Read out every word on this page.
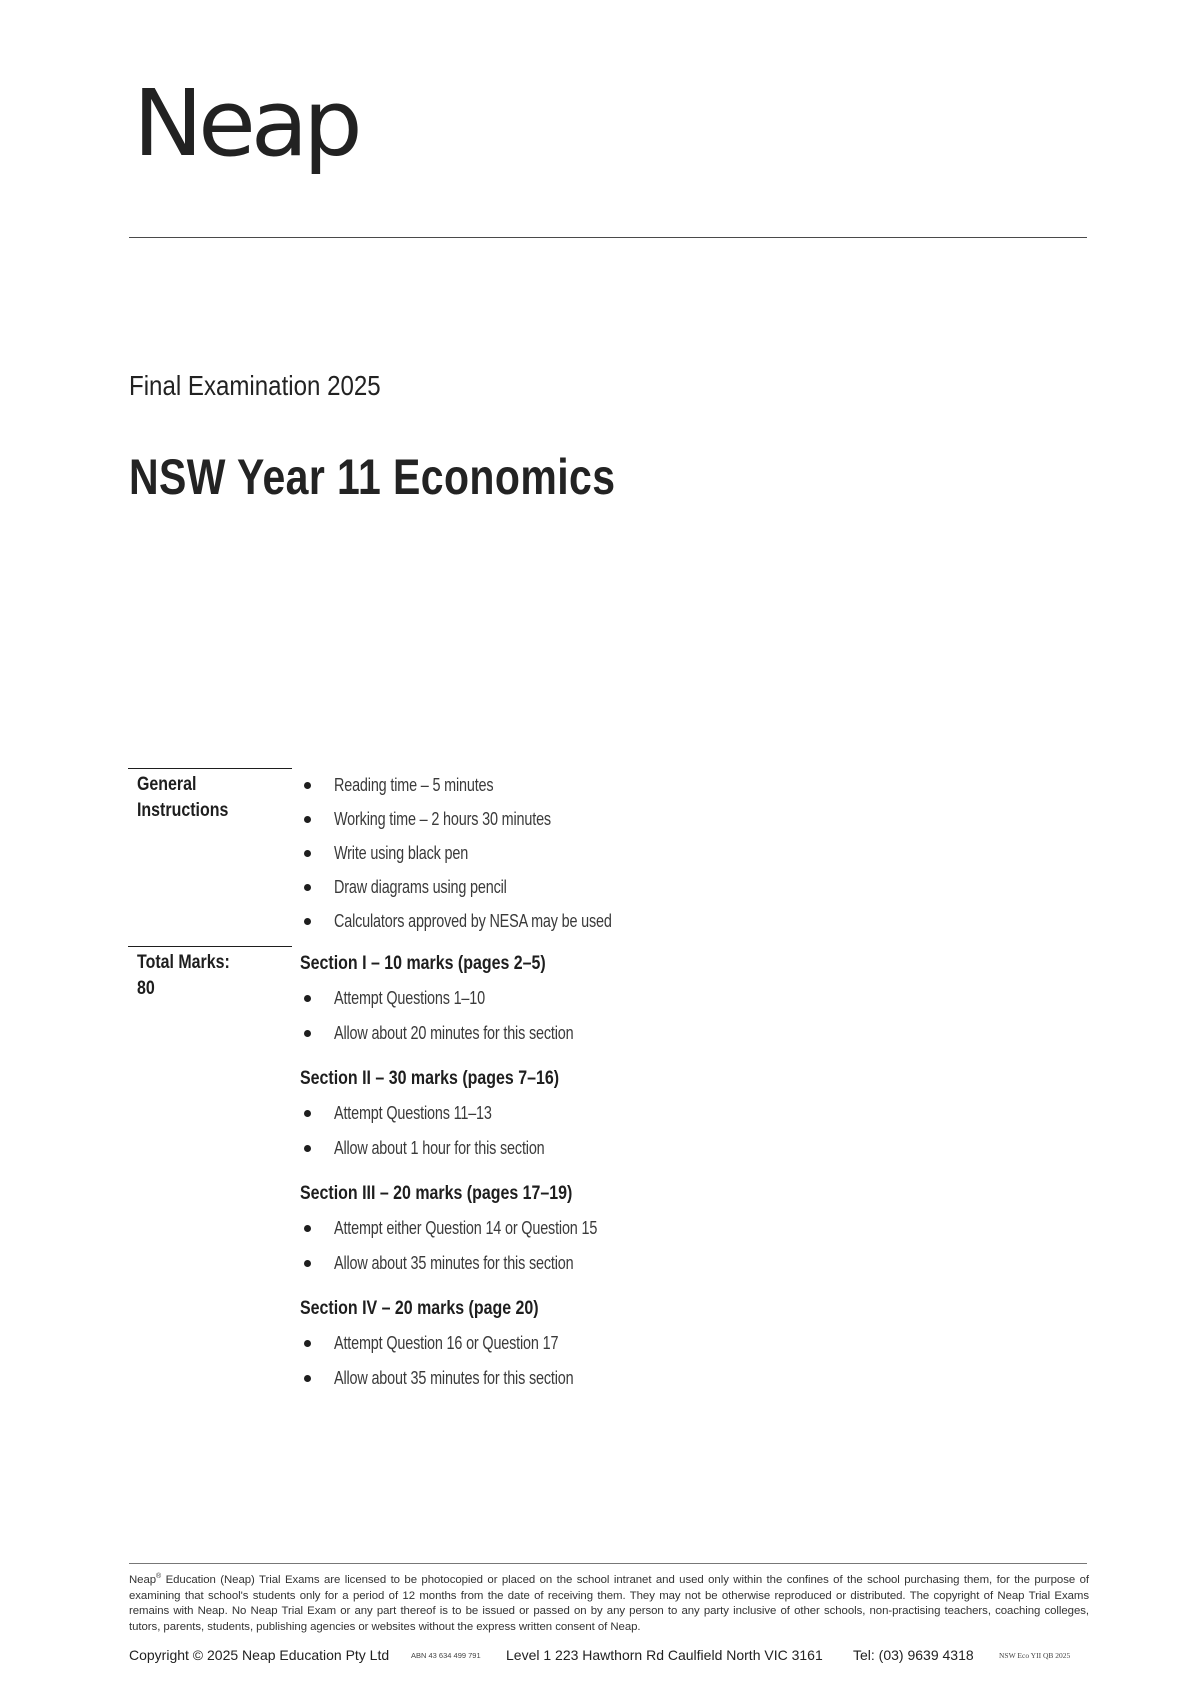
Neap
Final Examination 2025
NSW Year 11 Economics
General
Instructions
Reading time – 5 minutes
Working time – 2 hours 30 minutes
Write using black pen
Draw diagrams using pencil
Calculators approved by NESA may be used
Total Marks:
80
Section I – 10 marks (pages 2–5)
Attempt Questions 1–10
Allow about 20 minutes for this section
Section II – 30 marks (pages 7–16)
Attempt Questions 11–13
Allow about 1 hour for this section
Section III – 20 marks (pages 17–19)
Attempt either Question 14 or Question 15
Allow about 35 minutes for this section
Section IV – 20 marks (page 20)
Attempt Question 16 or Question 17
Allow about 35 minutes for this section
Neap® Education (Neap) Trial Exams are licensed to be photocopied or placed on the school intranet and used only within the confines of the school purchasing them, for the purpose of examining that school's students only for a period of 12 months from the date of receiving them. They may not be otherwise reproduced or distributed. The copyright of Neap Trial Exams remains with Neap. No Neap Trial Exam or any part thereof is to be issued or passed on by any person to any party inclusive of other schools, non-practising teachers, coaching colleges, tutors, parents, students, publishing agencies or websites without the express written consent of Neap.
Copyright © 2025 Neap Education Pty Ltd	ABN 43 634 499 791 Level 1 223 Hawthorn Rd Caulfield North VIC 3161 Tel: (03) 9639 4318	NSW Eco YII QB 2025
